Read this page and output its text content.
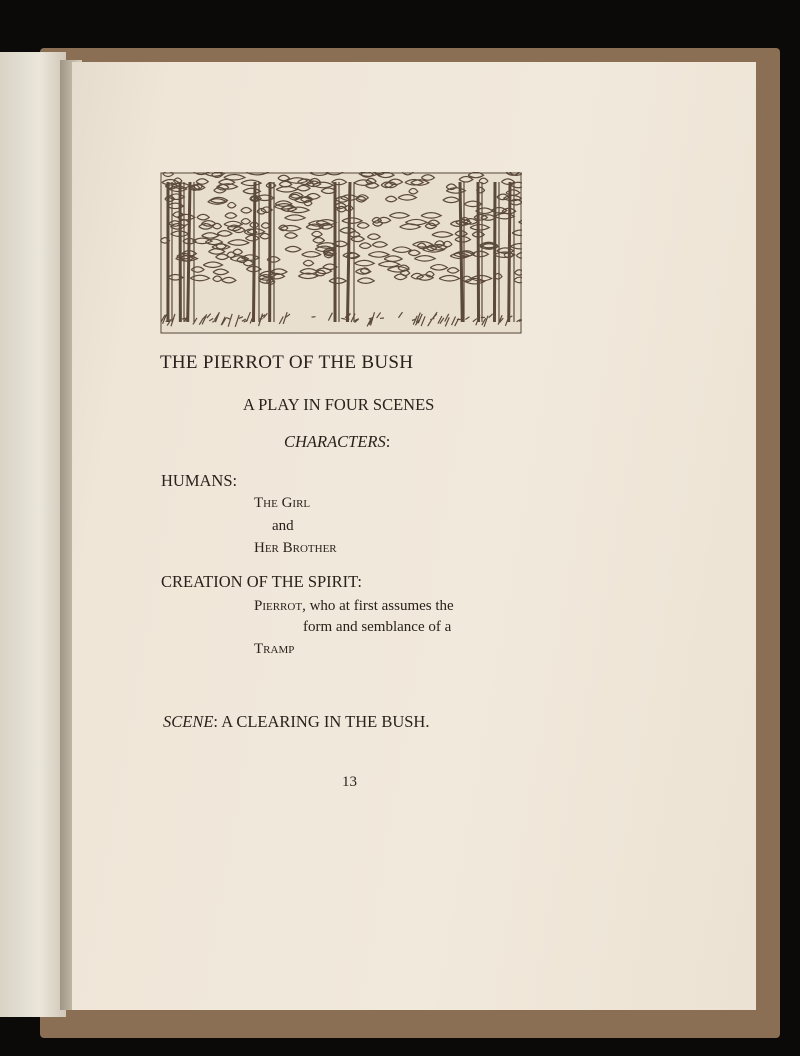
THE PIERROT OF THE BUSH
A PLAY IN FOUR SCENES
CHARACTERS:
HUMANS:
The Girl
and
Her Brother
CREATION OF THE SPIRIT:
Pierrot, who at first assumes the
form and semblance of a
Tramp
SCENE: A CLEARING IN THE BUSH.
13
